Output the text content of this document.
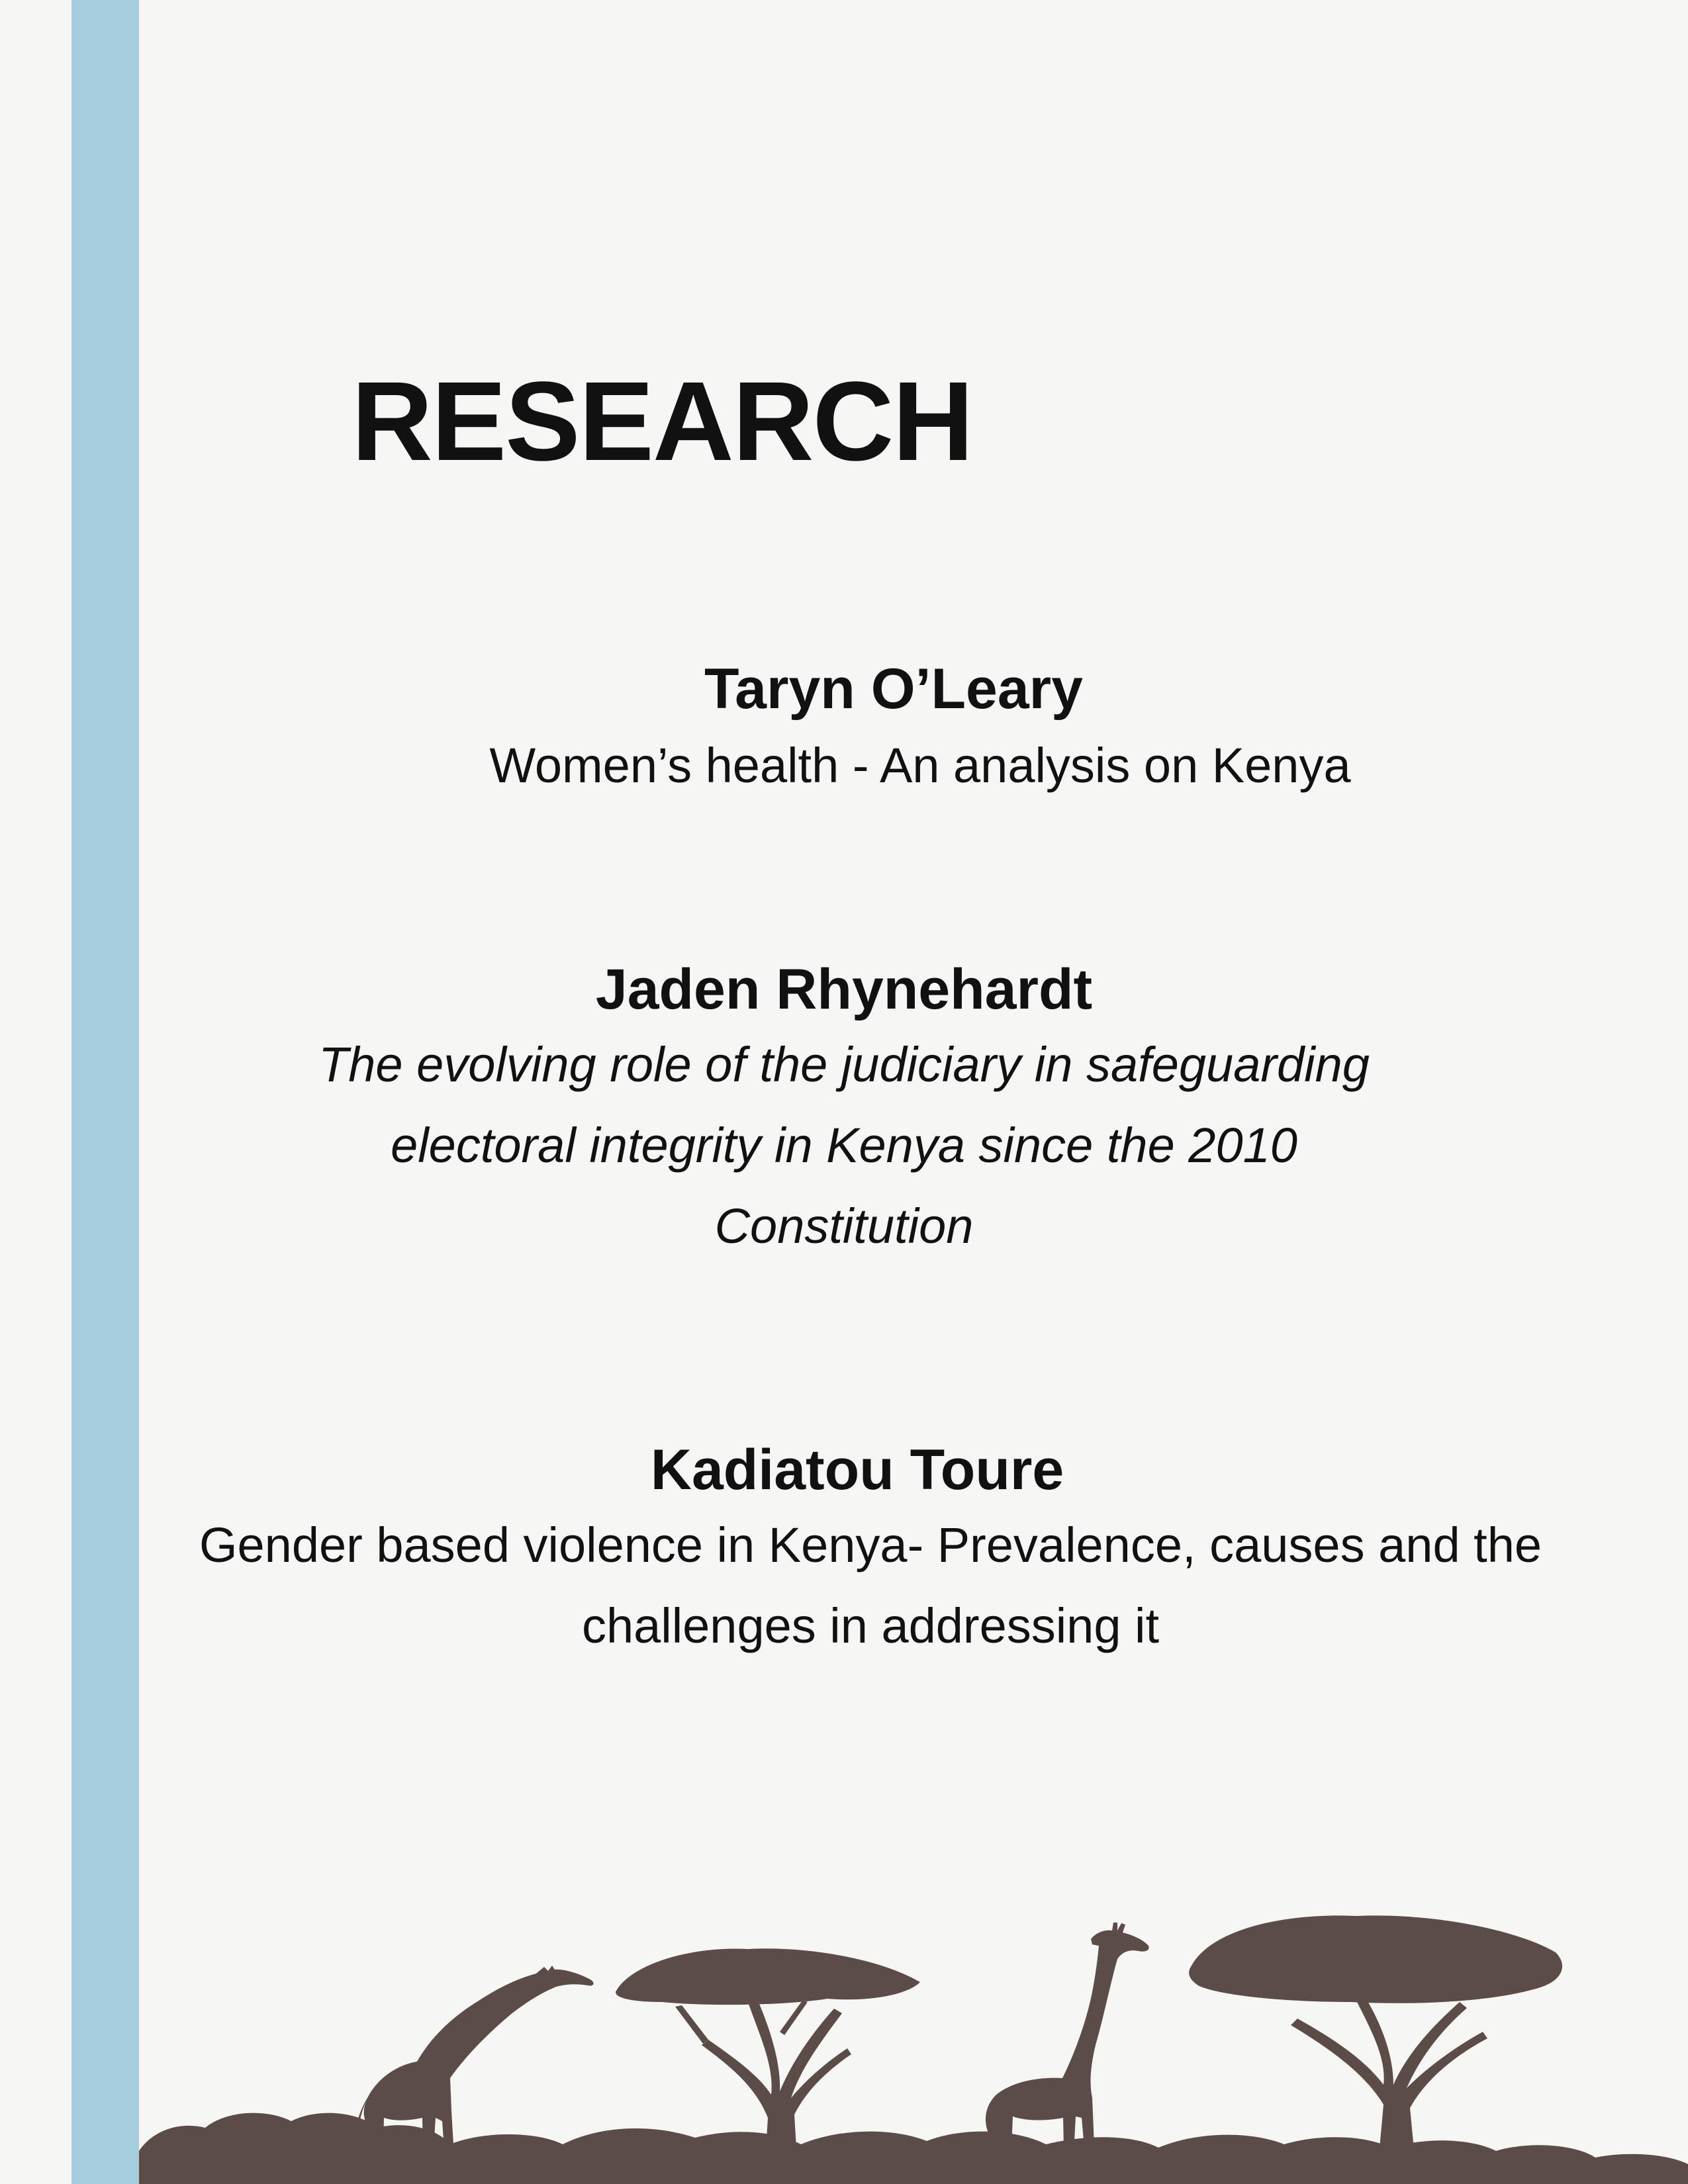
RESEARCH
Taryn O’Leary
Women’s health - An analysis on Kenya
Jaden Rhynehardt
The evolving role of the judiciary in safeguarding electoral integrity in Kenya since the 2010 Constitution
Kadiatou Toure
Gender based violence in Kenya- Prevalence, causes and the challenges in addressing it
